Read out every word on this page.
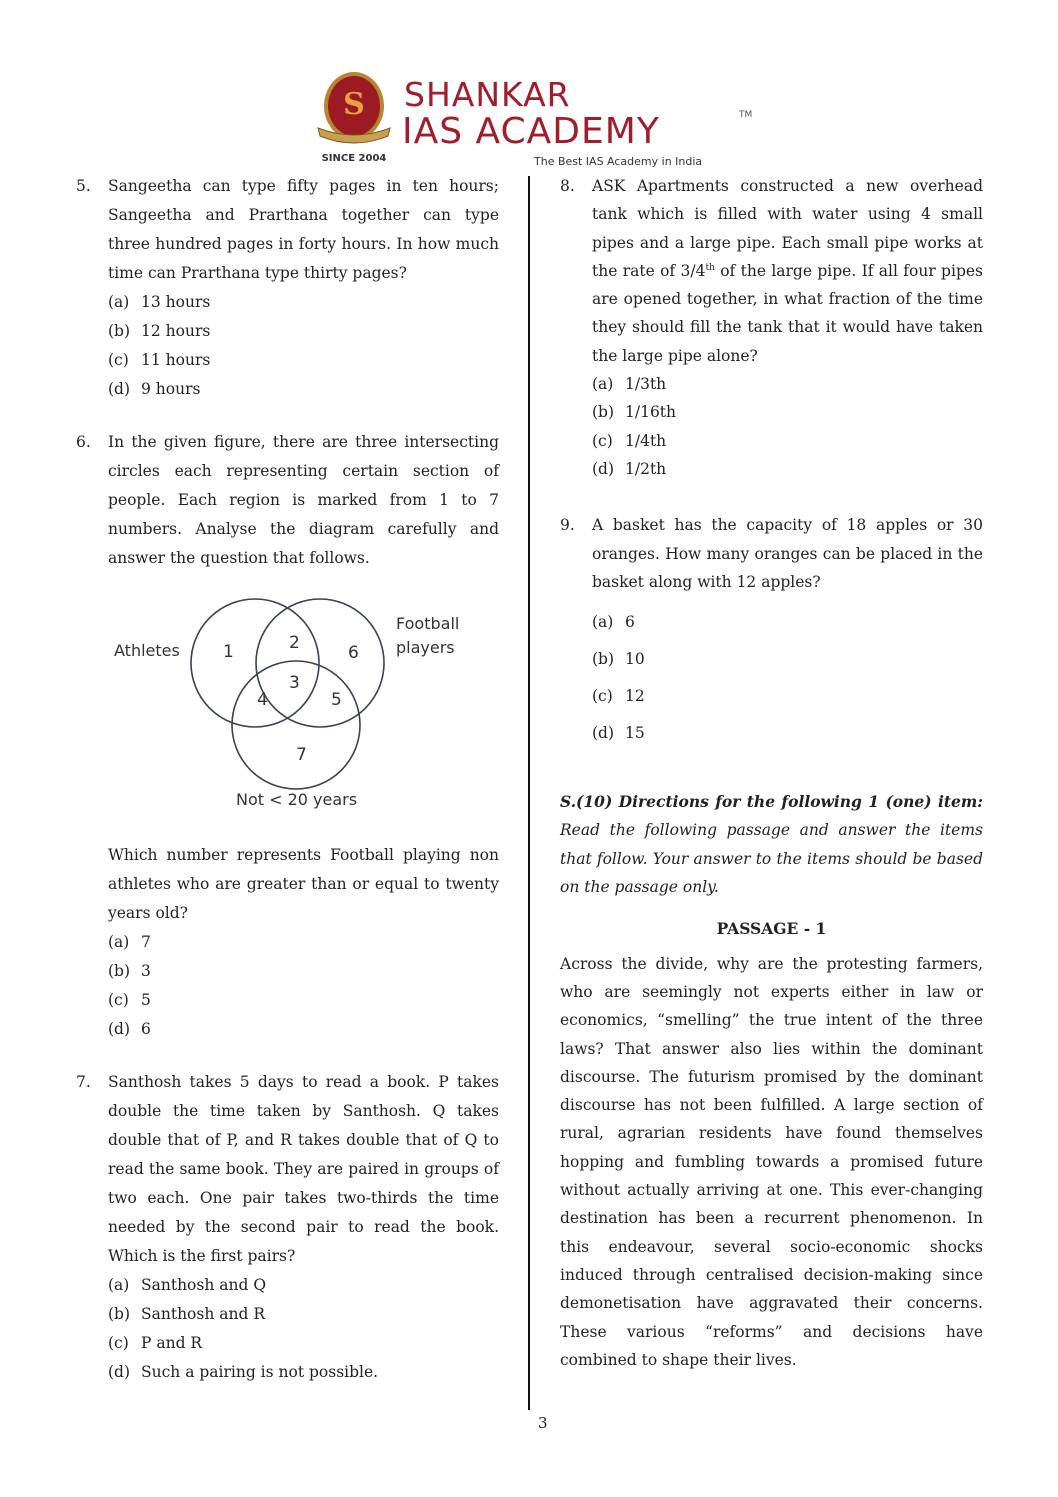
S
SINCE 2004
SHANKAR
IAS ACADEMY	TM
The Best IAS Academy in India
5. Sangeetha can type fifty pages in ten hours; Sangeetha and Prarthana together can type three hundred pages in forty hours. In how much time can Prarthana type thirty pages?
(a) 13 hours
(b) 12 hours
(c) 11 hours
(d) 9 hours
6. In the given figure, there are three intersecting circles each representing certain section of people. Each region is marked from 1 to 7 numbers. Analyse the diagram carefully and answer the question that follows.
Athletes
Football
players
Not < 20 years
1	2
3
4	5
6
7
Which number represents Football playing non athletes who are greater than or equal to twenty years old?
(a) 7
(b) 3
(c) 5
(d) 6
7. Santhosh takes 5 days to read a book. P takes double the time taken by Santhosh. Q takes double that of P, and R takes double that of Q to read the same book. They are paired in groups of two each. One pair takes two-thirds the time needed by the second pair to read the book. Which is the first pairs?
(a) Santhosh and Q
(b) Santhosh and R
(c) P and R
(d) Such a pairing is not possible.
8. ASK Apartments constructed a new overhead tank which is filled with water using 4 small pipes and a large pipe. Each small pipe works at the rate of 3/4th of the large pipe. If all four pipes are opened together, in what fraction of the time they should fill the tank that it would have taken the large pipe alone?
(a) 1/3th
(b) 1/16th
(c) 1/4th
(d) 1/2th
9. A basket has the capacity of 18 apples or 30 oranges. How many oranges can be placed in the basket along with 12 apples?
(a) 6
(b) 10
(c) 12
(d) 15
S.(10) Directions for the following 1 (one) item: Read the following passage and answer the items that follow. Your answer to the items should be based on the passage only.
PASSAGE - 1
Across the divide, why are the protesting farmers, who are seemingly not experts either in law or economics, “smelling” the true intent of the three laws? That answer also lies within the dominant discourse. The futurism promised by the dominant discourse has not been fulfilled. A large section of rural, agrarian residents have found themselves hopping and fumbling towards a promised future without actually arriving at one. This ever-changing destination has been a recurrent phenomenon. In this endeavour, several socio-economic shocks induced through centralised decision-making since demonetisation have aggravated their concerns. These various “reforms” and decisions have combined to shape their lives.
3
